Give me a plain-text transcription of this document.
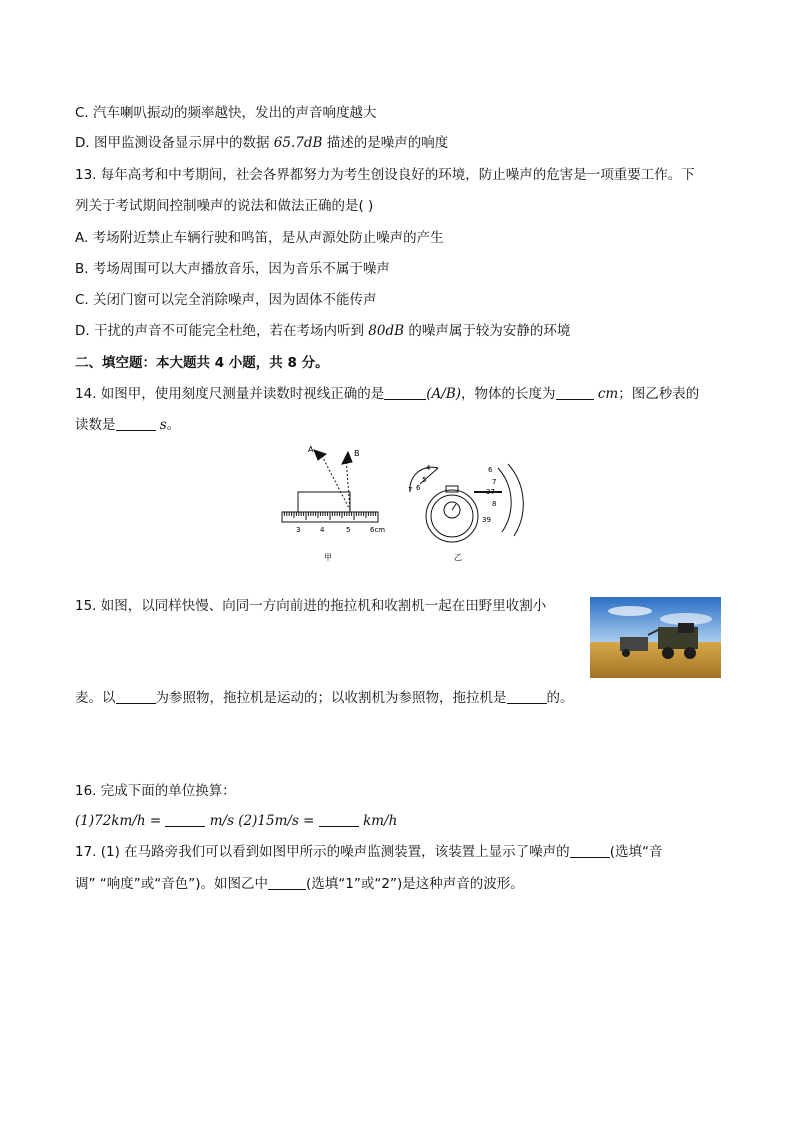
C. 汽车喇叭振动的频率越快，发出的声音响度越大
D. 图甲监测设备显示屏中的数据 65.7dB 描述的是噪声的响度
13. 每年高考和中考期间，社会各界都努力为考生创设良好的环境，防止噪声的危害是一项重要工作。下
列关于考试期间控制噪声的说法和做法正确的是( )
A. 考场附近禁止车辆行驶和鸣笛，是从声源处防止噪声的产生
B. 考场周围可以大声播放音乐，因为音乐不属于噪声
C. 关闭门窗可以完全消除噪声，因为固体不能传声
D. 干扰的声音不可能完全杜绝，若在考场内听到 80dB 的噪声属于较为安静的环境
二、填空题：本大题共 4 小题，共 8 分。
14. 如图甲，使用刻度尺测量并读数时视线正确的是	(A/B)，物体的长度为	cm；图乙秒表的
读数是	s。
A	B
3	4	5	6cm
甲
4
5
6
7
6
37
7
8
39
乙
15. 如图，以同样快慢、向同一方向前进的拖拉机和收割机一起在田野里收割小
麦。以	为参照物，拖拉机是运动的；以收割机为参照物，拖拉机是	的。
16. 完成下面的单位换算：
(1)72km/h =	m/s (2)15m/s =	km/h
17. (1) 在马路旁我们可以看到如图甲所示的噪声监测装置，该装置上显示了噪声的	(选填“音
调” “响度”或“音色”)。如图乙中	(选填“1”或“2”)是这种声音的波形。
